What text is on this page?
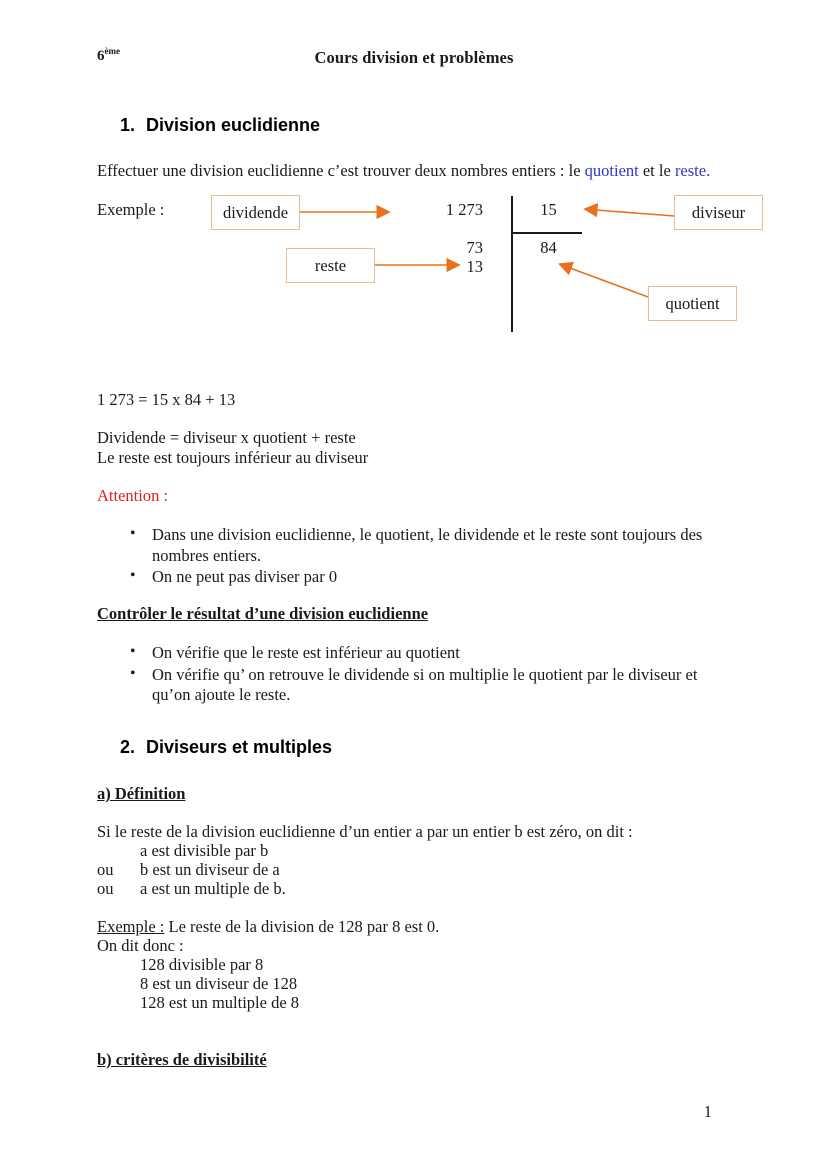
6ème	Cours division et problèmes
1. Division euclidienne
Effectuer une division euclidienne c’est trouver deux nombres entiers : le quotient et le reste.
Exemple :	dividende
reste
diviseur
quotient
1 273
73
13
15
84
1 273 = 15 x 84 + 13
Dividende = diviseur x quotient + reste
Le reste est toujours inférieur au diviseur
Attention :
• Dans une division euclidienne, le quotient, le dividende et le reste sont toujours des nombres entiers.
• On ne peut pas diviser par 0
Contrôler le résultat d’une division euclidienne
• On vérifie que le reste est inférieur au quotient
• On vérifie qu’ on retrouve le dividende si on multiplie le quotient par le diviseur et qu’on ajoute le reste.
2. Diviseurs et multiples
a) Définition
Si le reste de la division euclidienne d’un entier a par un entier b est zéro, on dit :
a est divisible par b
ou b est un diviseur de a
ou a est un multiple de b.
Exemple : Le reste de la division de 128 par 8 est 0.
On dit donc :
128 divisible par 8
8 est un diviseur de 128
128 est un multiple de 8
b) critères de divisibilité
1
